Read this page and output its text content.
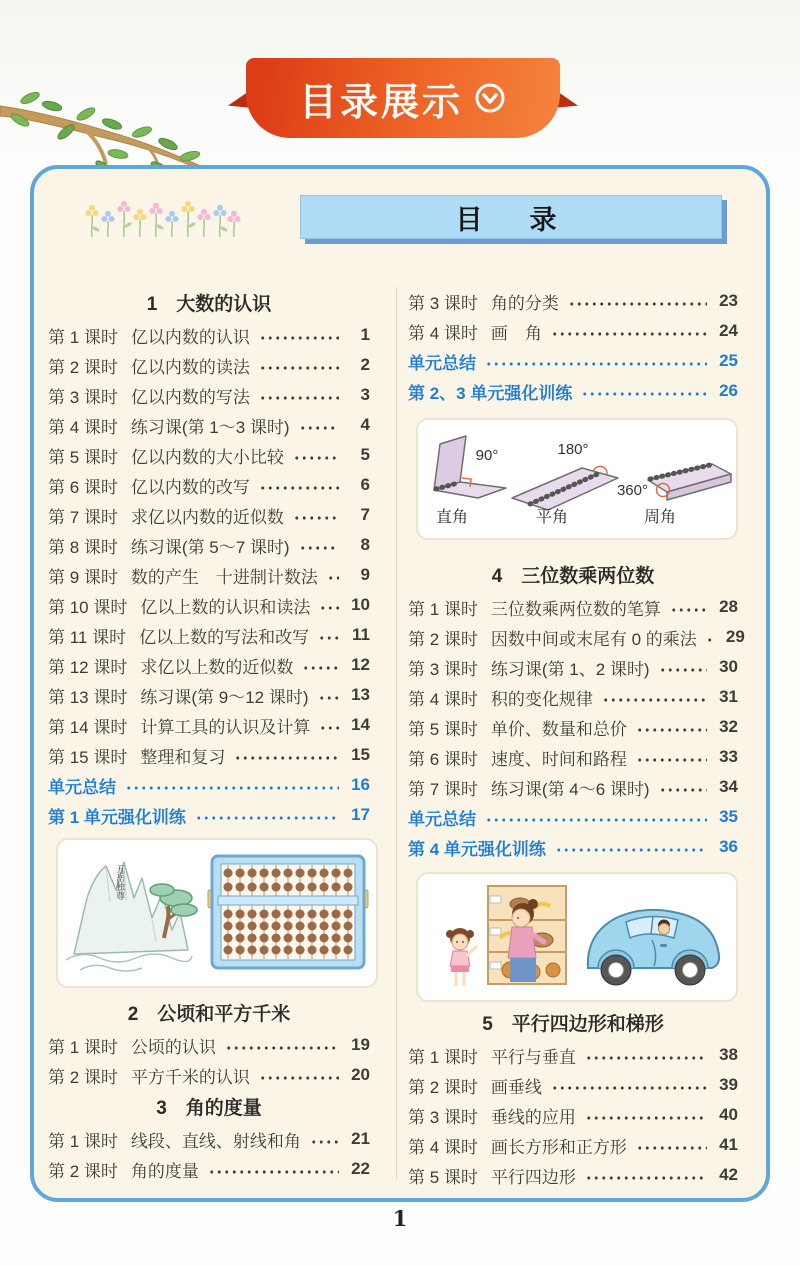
目录展示
目　录
1　大数的认识
第 1 课时 亿以内数的认识	1
第 2 课时 亿以内数的读法	2
第 3 课时 亿以内数的写法	3
第 4 课时 练习课(第 1～3 课时)	4
第 5 课时 亿以内数的大小比较	5
第 6 课时 亿以内数的改写	6
第 7 课时 求亿以内数的近似数	7
第 8 课时 练习课(第 5～7 课时)	8
第 9 课时 数的产生　十进制计数法	9
第 10 课时 亿以上数的认识和读法 10
第 11 课时 亿以上数的写法和改写	11
第 12 课时 求亿以上数的近似数	12
第 13 课时 练习课(第 9～12 课时)	13
第 14 课时 计算工具的认识及计算 14
第 15 课时 整理和复习	15
单元总结	16
第 1 单元强化训练	17
五岳独尊
2　公顷和平方千米
第 1 课时 公顷的认识	19
第 2 课时 平方千米的认识	20
3　角的度量
第 1 课时 线段、直线、射线和角	21
第 2 课时 角的度量	22
第 3 课时 角的分类	23
第 4 课时 画　角	24
单元总结	25
第 2、3 单元强化训练	26
90°	180°
360°
直角	平角	周角
4　三位数乘两位数
第 1 课时 三位数乘两位数的笔算	28
第 2 课时 因数中间或末尾有 0 的乘法 29
第 3 课时 练习课(第 1、2 课时)	30
第 4 课时 积的变化规律	31
第 5 课时 单价、数量和总价	32
第 6 课时 速度、时间和路程	33
第 7 课时 练习课(第 4～6 课时)	34
单元总结	35
第 4 单元强化训练	36
5　平行四边形和梯形
第 1 课时 平行与垂直	38
第 2 课时 画垂线	39
第 3 课时 垂线的应用	40
第 4 课时 画长方形和正方形	41
第 5 课时 平行四边形	42
1
